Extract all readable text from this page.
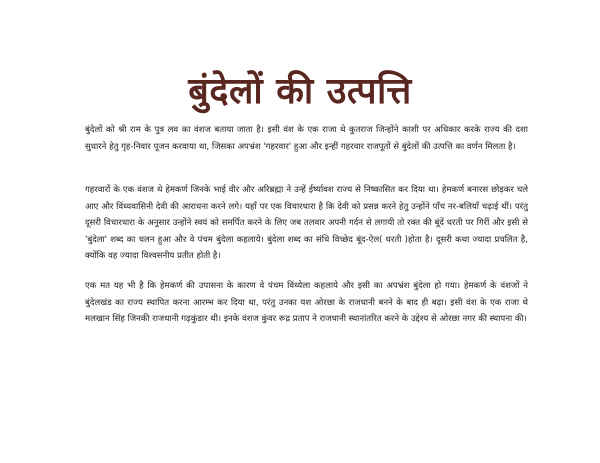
बुंदेलों की उत्पत्ति

बुंदेलों को श्री राम के पुत्र लव का वंशज बताया जाता है। इसी वंश के एक राजा थे कुतराज जिन्होंने काशी पर अधिकार करके राज्य की दशा सुधारने हेतु गृह-निवार पूजन करवाया था, जिसका अपभ्रंश 'गहरवार' हुआ और इन्हीं गहरवार राजपूतों से बुंदेलों की उत्पत्ति का वर्णन मिलता है।

गहरवारों के एक वंशज थे हेमकर्ण जिनके भाई वीर और अरिब्रह्मा ने उन्हें ईर्ष्यावश राज्य से निष्कासित कर दिया था। हेमकर्ण बनारस छोड़कर चले आए और विंध्यवासिनी देवी की आराधना करने लगे। यहाँ पर एक विचारधारा है कि देवी को प्रसन्न करने हेतु उन्होंने पाँच नर-बलियाँ चढ़ाई थीं। परंतु दूसरी विचारधारा के अनुसार उन्होंने स्वयं को समर्पित करने के लिए जब तलवार अपनी गर्दन से लगायी तो रक्त की बूंदें धरती पर गिरीं और इसी से 'बुंदेला' शब्द का चलन हुआ और वे पंचम बुंदेला कहलाये। बुंदेला शब्द का संधि विच्छेद बूंद-ऐल( धरती )होता है। दूसरी कथा ज्यादा प्रचलित है, क्योंकि वह ज्यादा विश्वसनीय प्रतीत होती है।

एक मत यह भी है कि हेमकर्ण की उपासना के कारण वे पंचम विंध्येला कहलाये और इसी का अपभ्रंश बुंदेला हो गया। हेमकर्ण के वंशजों ने बुंदेलखंड का राज्य स्थापित करना आरम्भ कर दिया था, परंतु उनका यश ओरछा के राजधानी बनने के बाद ही बढ़ा। इसी वंश के एक राजा थे मलखान सिंह जिनकी राजधानी गढ़कुंडार थी। इनके वंशज कुंवर रूद्र प्रताप ने राजधानी स्थानांतरित करने के उद्देश्य से ओरछा नगर की स्थापना की।
